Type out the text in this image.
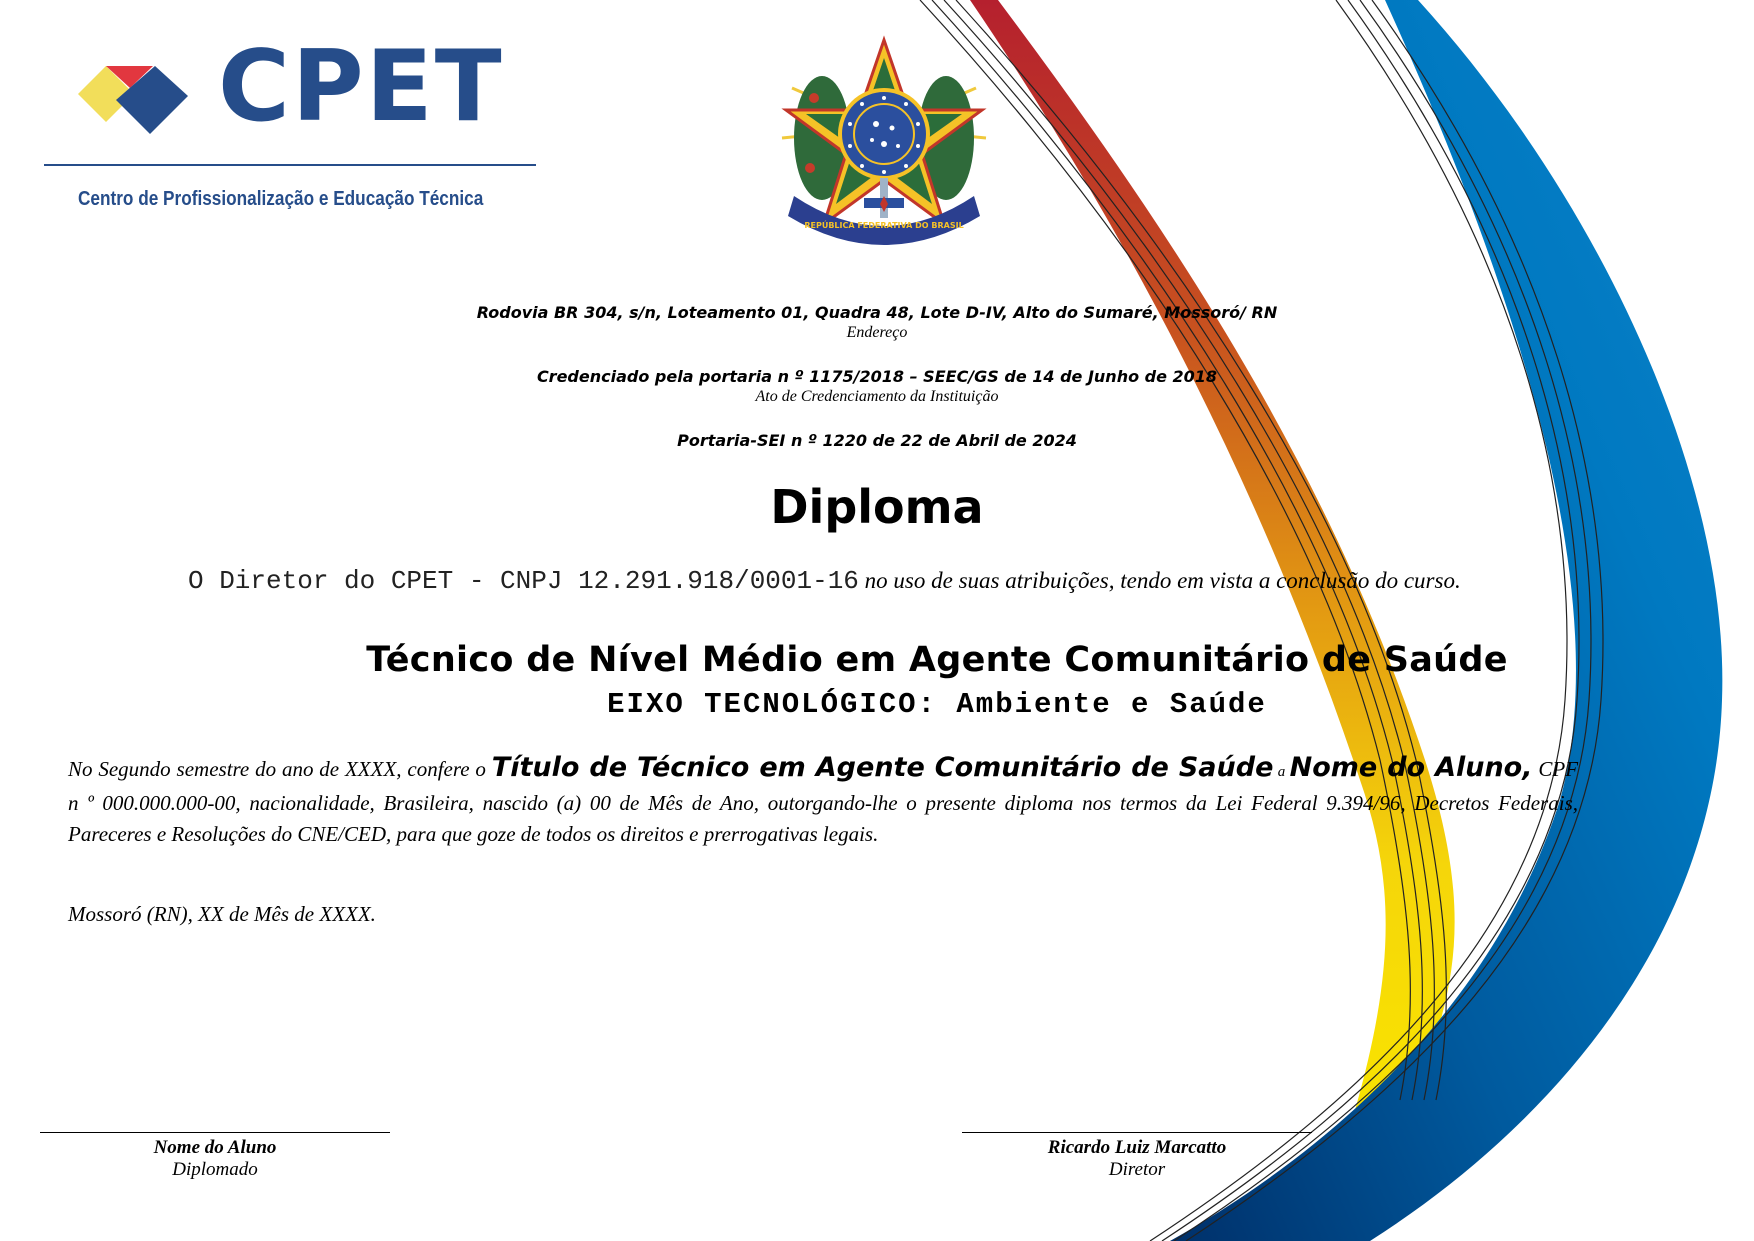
CPET
Centro de Profissionalização e Educação Técnica
REPÚBLICA FEDERATIVA DO BRASIL
Rodovia BR 304, s/n, Loteamento 01, Quadra 48, Lote D-IV, Alto do Sumaré, Mossoró/ RN
Endereço
Credenciado pela portaria n º 1175/2018 – SEEC/GS de 14 de Junho de 2018
Ato de Credenciamento da Instituição
Portaria-SEI n º 1220 de 22 de Abril de 2024
Diploma
O Diretor do CPET - CNPJ 12.291.918/0001-16 no uso de suas atribuições, tendo em vista a conclusão do curso.
Técnico de Nível Médio em Agente Comunitário de Saúde
EIXO TECNOLÓGICO: Ambiente e Saúde
No Segundo semestre do ano de XXXX, confere o Título de Técnico em Agente Comunitário de Saúde a Nome do Aluno, CPF n º 000.000.000-00, nacionalidade, Brasileira, nascido (a) 00 de Mês de Ano, outorgando-lhe o presente diploma nos termos da Lei Federal 9.394/96, Decretos Federais, Pareceres e Resoluções do CNE/CED, para que goze de todos os direitos e prerrogativas legais.
Mossoró (RN), XX de Mês de XXXX.
Nome do Aluno
Diplomado
Ricardo Luiz Marcatto
Diretor
